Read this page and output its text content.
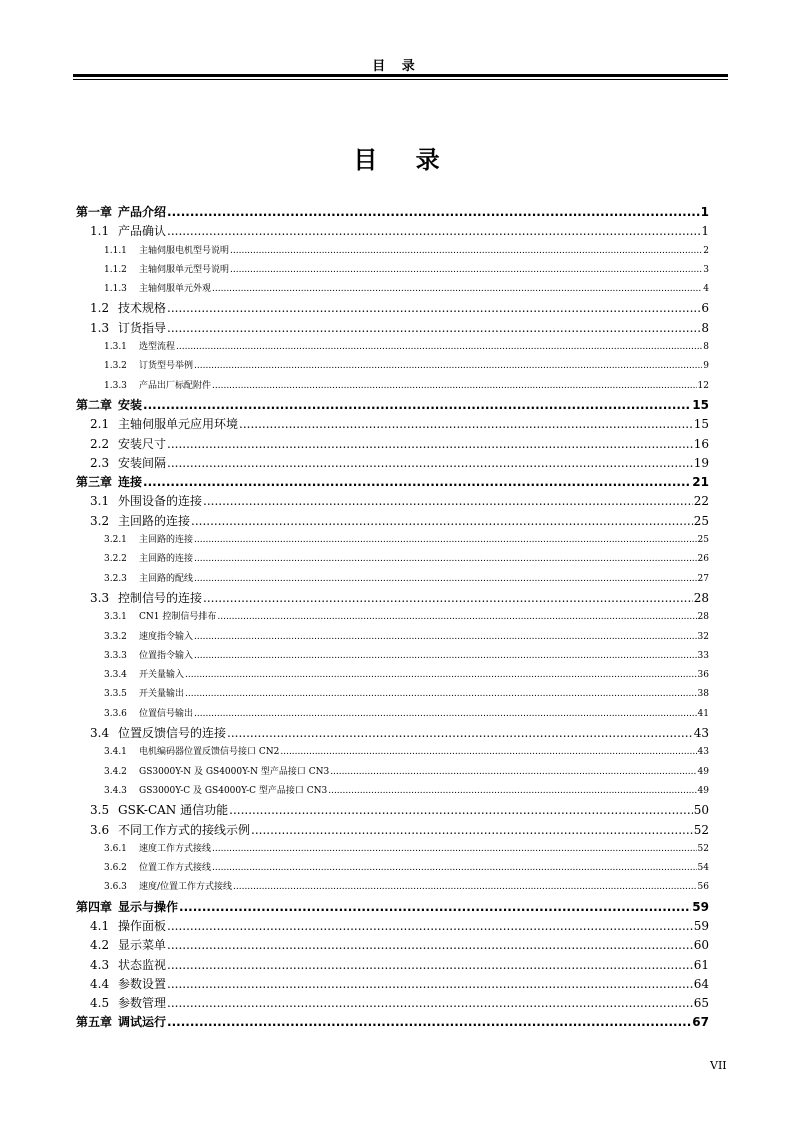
目 录
目 录
第一章 产品介绍 .....	1
1.1 产品确认 .....	1
1.1.1	主轴伺服电机型号说明 .....	2
1.1.2	主轴伺服单元型号说明 .....	3
1.1.3	主轴伺服单元外观 .....	4
1.2 技术规格 .....	6
1.3 订货指导 .....	8
1.3.1	选型流程 .....	8
1.3.2	订货型号举例 .....	9
1.3.3	产品出厂标配附件 .....	12
第二章 安装 .....	15
2.1 主轴伺服单元应用环境 .....	15
2.2 安装尺寸 .....	16
2.3 安装间隔 .....	19
第三章 连接 .....	21
3.1 外围设备的连接 .....	22
3.2 主回路的连接 .....	25
3.2.1	主回路的连接 .....	25
3.2.2	主回路的连接 .....	26
3.2.3	主回路的配线 .....	27
3.3 控制信号的连接 .....	28
3.3.1	CN1 控制信号排布 .....	28
3.3.2	速度指令输入 .....	32
3.3.3	位置指令输入 .....	33
3.3.4	开关量输入 .....	36
3.3.5	开关量输出 .....	38
3.3.6	位置信号输出 .....	41
3.4 位置反馈信号的连接 .....	43
3.4.1	电机编码器位置反馈信号接口 CN2 .....	43
3.4.2	GS3000Y-N 及 GS4000Y-N 型产品接口 CN3 .....	49
3.4.3	GS3000Y-C 及 GS4000Y-C 型产品接口 CN3 .....	49
3.5 GSK-CAN 通信功能 .....	50
3.6 不同工作方式的接线示例 .....	52
3.6.1	速度工作方式接线 .....	52
3.6.2	位置工作方式接线 .....	54
3.6.3	速度/位置工作方式接线 .....	56
第四章 显示与操作 .....	59
4.1 操作面板 .....	59
4.2 显示菜单 .....	60
4.3 状态监视 .....	61
4.4 参数设置 .....	64
4.5 参数管理 .....	65
第五章 调试运行 .....	67
VII
